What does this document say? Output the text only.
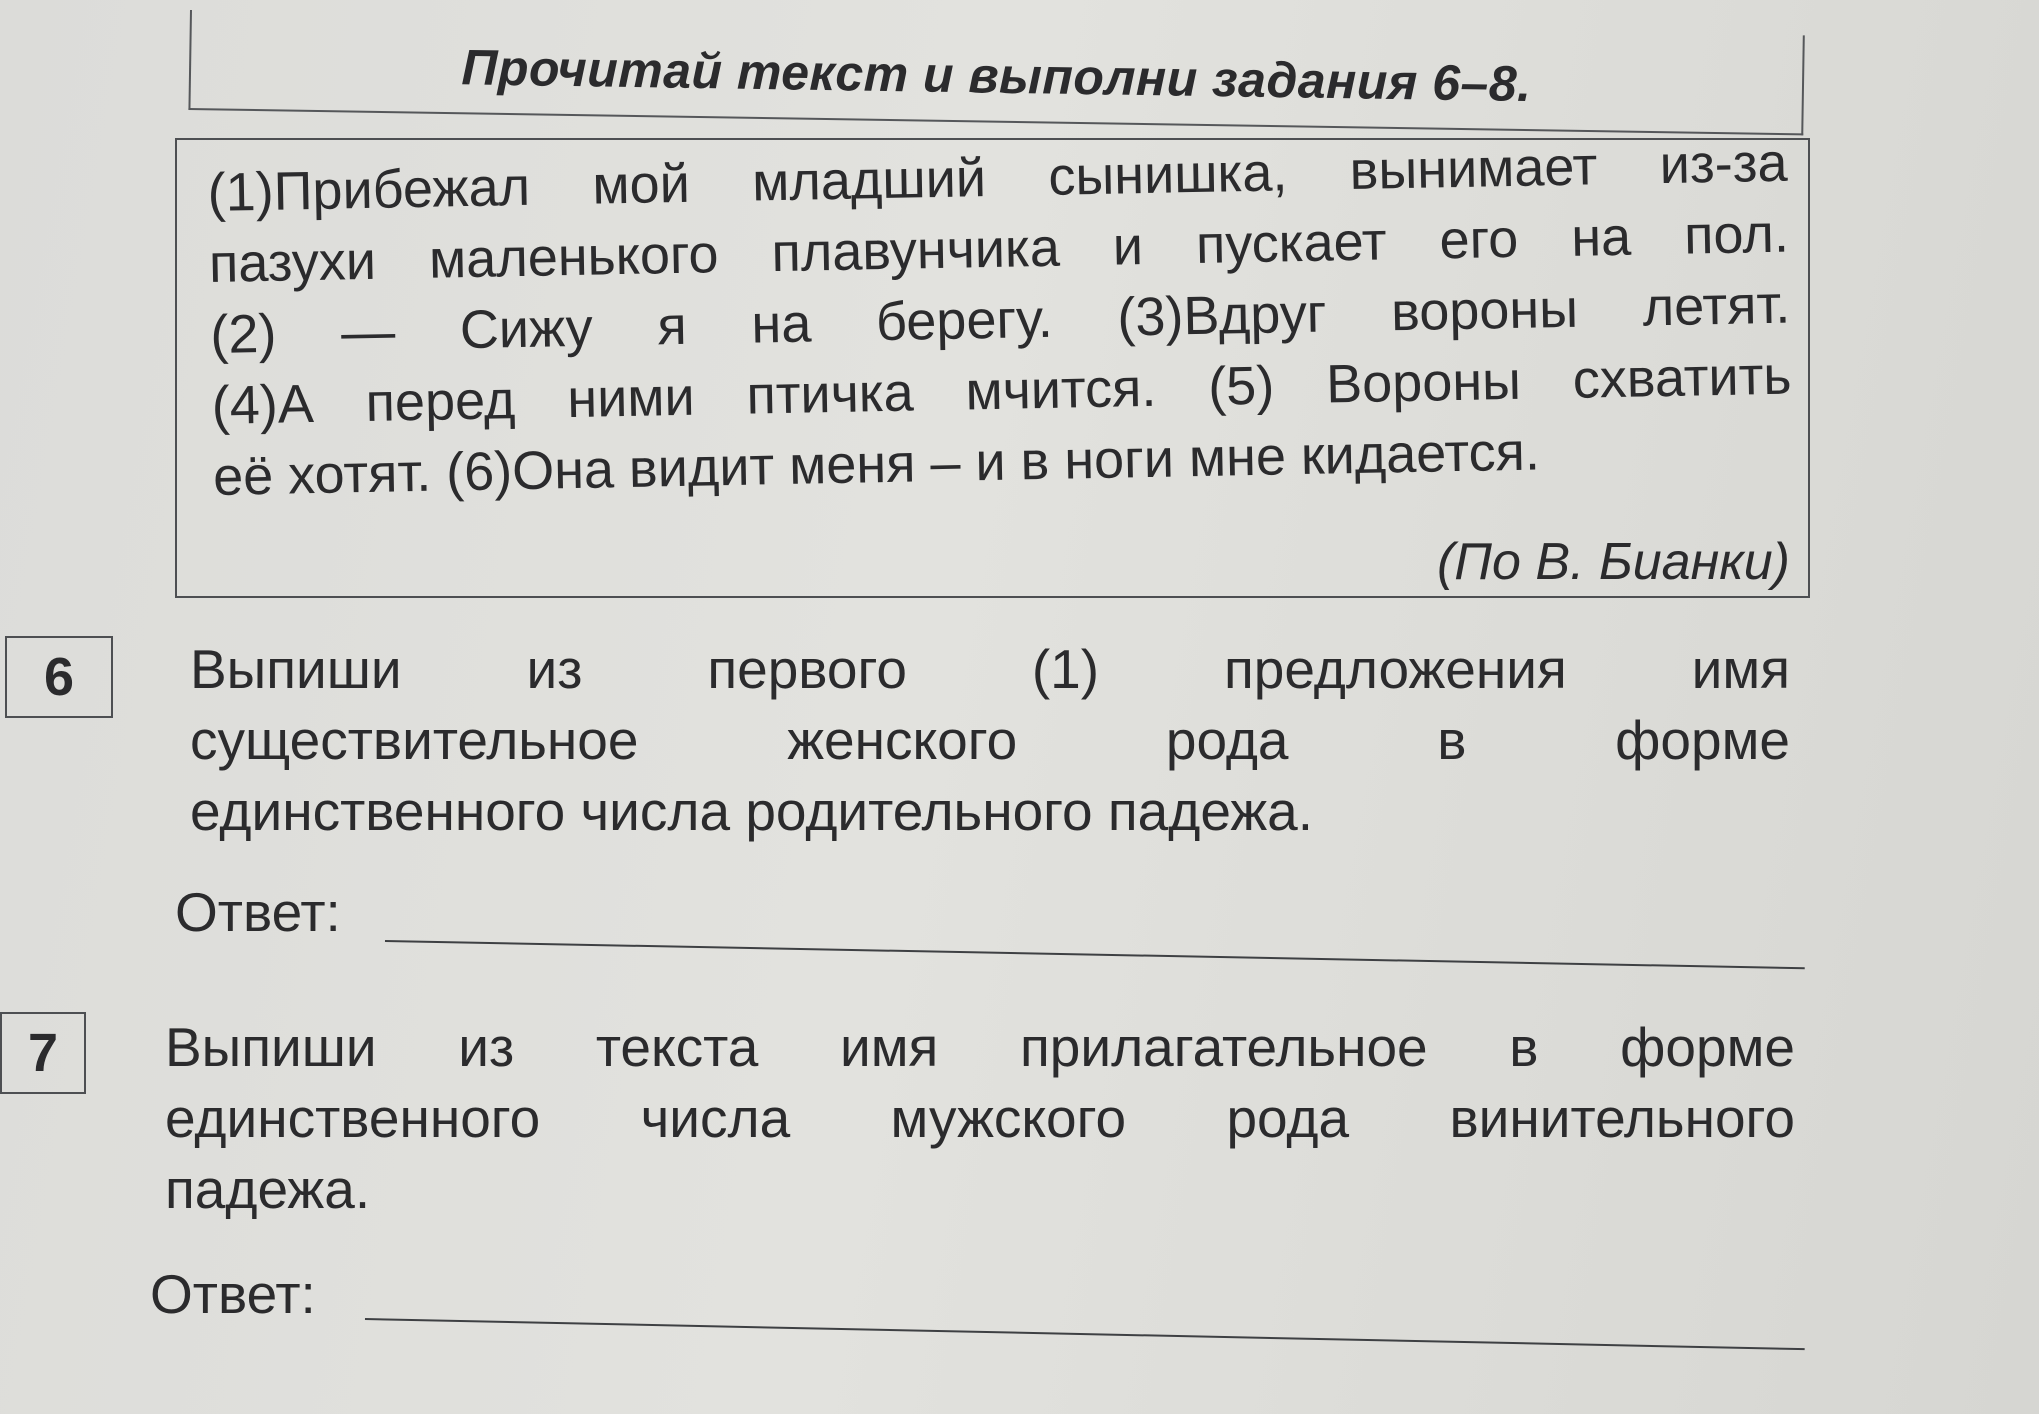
Прочитай текст и выполни задания 6–8.
(1)Прибежал мой младший сынишка, вынимает из-за
пазухи маленького плавунчика и пускает его на пол.
(2) — Сижу я на берегу. (3)Вдруг вороны летят.
(4)А перед ними птичка мчится. (5) Вороны схватить
её хотят. (6)Она видит меня – и в ноги мне кидается.
(По В. Бианки)
6	Выпиши из первого (1) предложения имя
существительное женского рода в форме
единственного числа родительного падежа.
Ответ:
7	Выпиши из текста имя прилагательное в форме
единственного числа мужского рода винительного
падежа.
Ответ:
